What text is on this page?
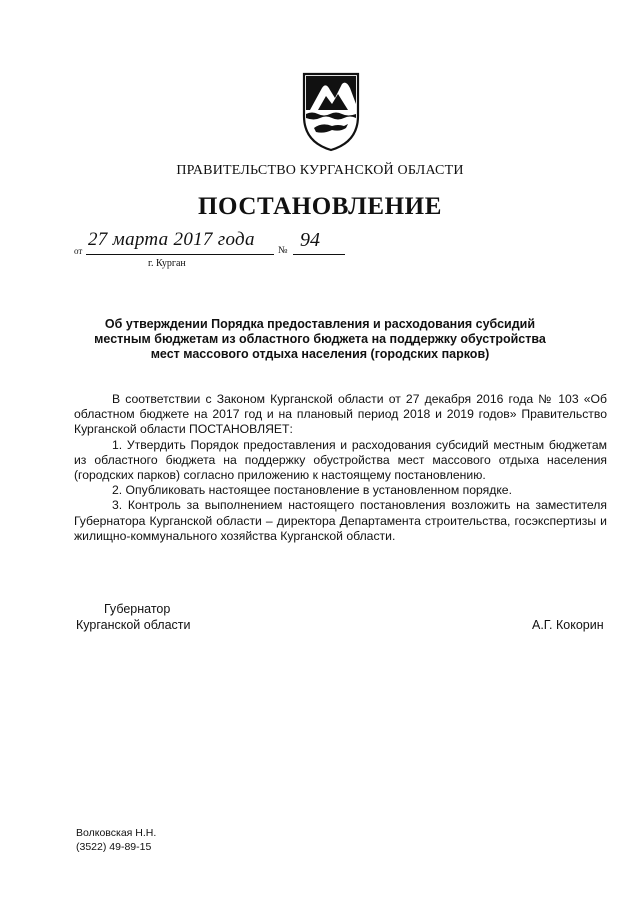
ПРАВИТЕЛЬСТВО КУРГАНСКОЙ ОБЛАСТИ
ПОСТАНОВЛЕНИЕ
от
27 марта 2017 года
№ 94
г. Курган
Об утверждении Порядка предоставления и расходования субсидий местным бюджетам из областного бюджета на поддержку обустройства мест массового отдыха населения (городских парков)

В соответствии с Законом Курганской области от 27 декабря 2016 года № 103 «Об областном бюджете на 2017 год и на плановый период 2018 и 2019 годов» Правительство Курганской области ПОСТАНОВЛЯЕТ:

1. Утвердить Порядок предоставления и расходования субсидий местным бюджетам из областного бюджета на поддержку обустройства мест массового отдыха населения (городских парков) согласно приложению к настоящему постановлению.

2. Опубликовать настоящее постановление в установленном порядке.

3. Контроль за выполнением настоящего постановления возложить на заместителя Губернатора Курганской области – директора Департамента строительства, госэкспертизы и жилищно-коммунального хозяйства Курганской области.

Губернатор
Курганской области	А.Г. Кокорин
Волковская Н.Н.
(3522) 49-89-15
